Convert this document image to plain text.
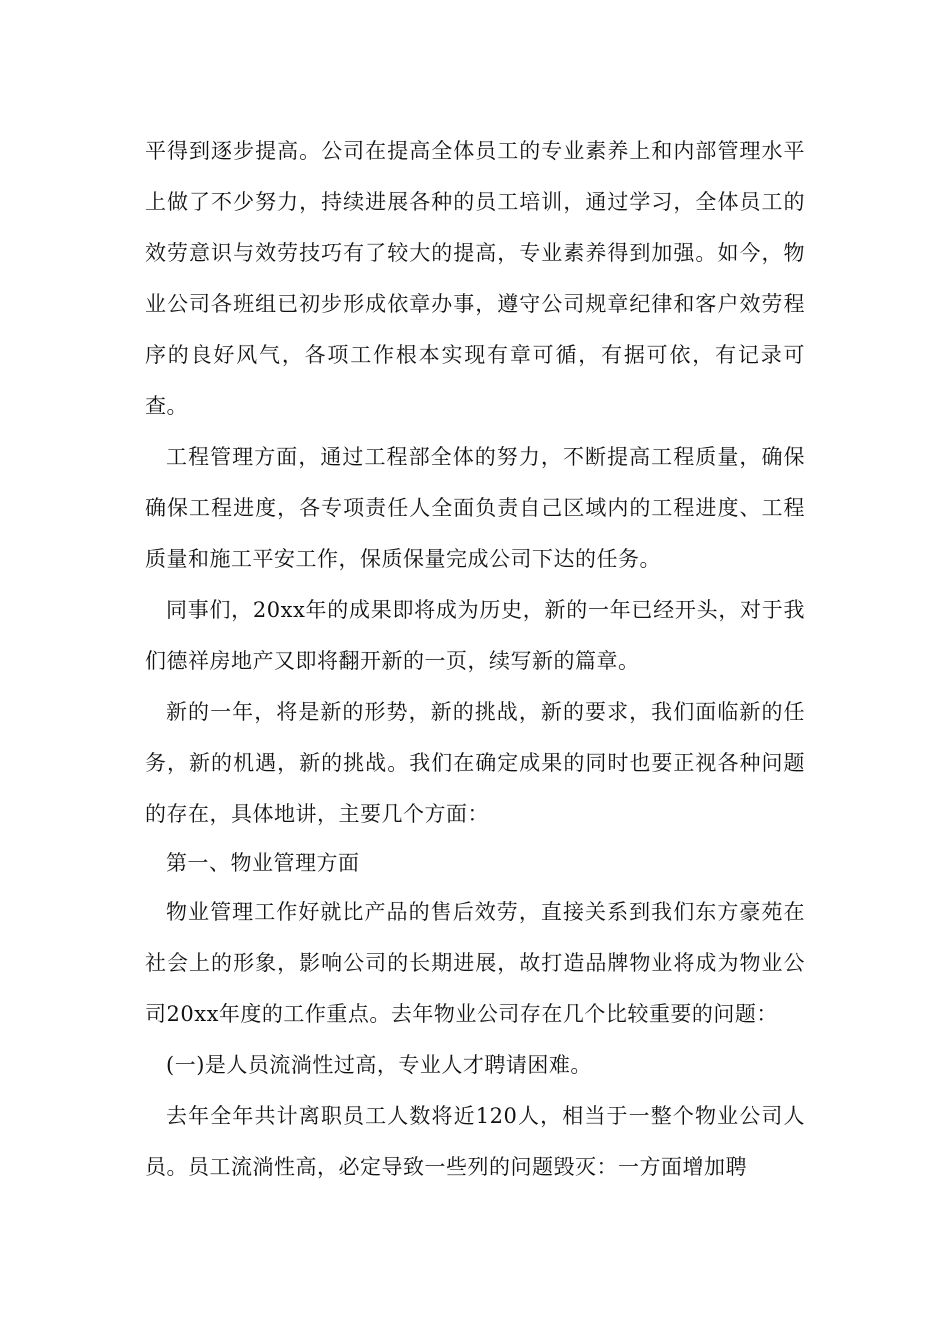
平得到逐步提高。公司在提高全体员工的专业素养上和内部管理水平上做了不少努力，持续进展各种的员工培训，通过学习，全体员工的效劳意识与效劳技巧有了较大的提高，专业素养得到加强。如今，物业公司各班组已初步形成依章办事，遵守公司规章纪律和客户效劳程序的良好风气，各项工作根本实现有章可循，有据可依，有记录可查。

工程管理方面，通过工程部全体的努力，不断提高工程质量，确保确保工程进度，各专项责任人全面负责自己区域内的工程进度、工程质量和施工平安工作，保质保量完成公司下达的任务。

同事们，20xx年的成果即将成为历史，新的一年已经开头，对于我们德祥房地产又即将翻开新的一页，续写新的篇章。

新的一年，将是新的形势，新的挑战，新的要求，我们面临新的任务，新的机遇，新的挑战。我们在确定成果的同时也要正视各种问题的存在，具体地讲，主要几个方面：

第一、物业管理方面

物业管理工作好就比产品的售后效劳，直接关系到我们东方豪苑在社会上的形象，影响公司的长期进展，故打造品牌物业将成为物业公司20xx年度的工作重点。去年物业公司存在几个比较重要的问题：

(一)是人员流淌性过高，专业人才聘请困难。

去年全年共计离职员工人数将近120人，相当于一整个物业公司人员。员工流淌性高，必定导致一些列的问题毁灭：一方面增加聘
